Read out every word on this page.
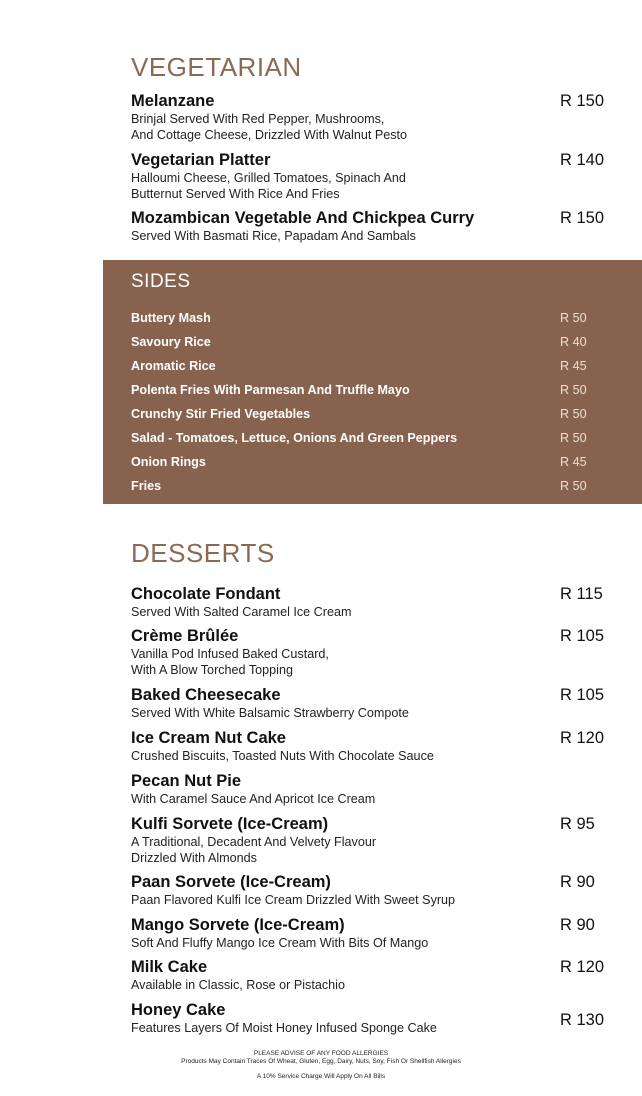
VEGETARIAN
Melanzane
Brinjal Served With Red Pepper, Mushrooms,
And Cottage Cheese, Drizzled With Walnut Pesto
R 150
Vegetarian Platter
Halloumi Cheese, Grilled Tomatoes, Spinach And
Butternut Served With Rice And Fries
R 140
Mozambican Vegetable And Chickpea Curry
Served With Basmati Rice, Papadam And Sambals
R 150
SIDES
Buttery Mash	R 50
Savoury Rice	R 40
Aromatic Rice	R 45
Polenta Fries With Parmesan And Truffle Mayo	R 50
Crunchy Stir Fried Vegetables	R 50
Salad - Tomatoes, Lettuce, Onions And Green Peppers	R 50
Onion Rings	R 45
Fries	R 50
DESSERTS
Chocolate Fondant
Served With Salted Caramel Ice Cream
R 115
Crème Brûlée
Vanilla Pod Infused Baked Custard,
With A Blow Torched Topping
R 105
Baked Cheesecake
Served With White Balsamic Strawberry Compote
R 105
Ice Cream Nut Cake
Crushed Biscuits, Toasted Nuts With Chocolate Sauce
R 120
Pecan Nut Pie
With Caramel Sauce And Apricot Ice Cream
Kulfi Sorvete (Ice-Cream)
A Traditional, Decadent And Velvety Flavour
Drizzled With Almonds
R 95
Paan Sorvete (Ice-Cream)
Paan Flavored Kulfi Ice Cream Drizzled With Sweet Syrup
R 90
Mango Sorvete (Ice-Cream)
Soft And Fluffy Mango Ice Cream With Bits Of Mango
R 90
Milk Cake
Available in Classic, Rose or Pistachio
R 120
Honey Cake
Features Layers Of Moist Honey Infused Sponge Cake	R 130
PLEASE ADVISE OF ANY FOOD ALLERGIES
Products May Contain Traces Of Wheat, Gluten, Egg, Dairy, Nuts, Soy, Fish Or Shellfish Allergies
A 10% Service Charge Will Apply On All Bills
